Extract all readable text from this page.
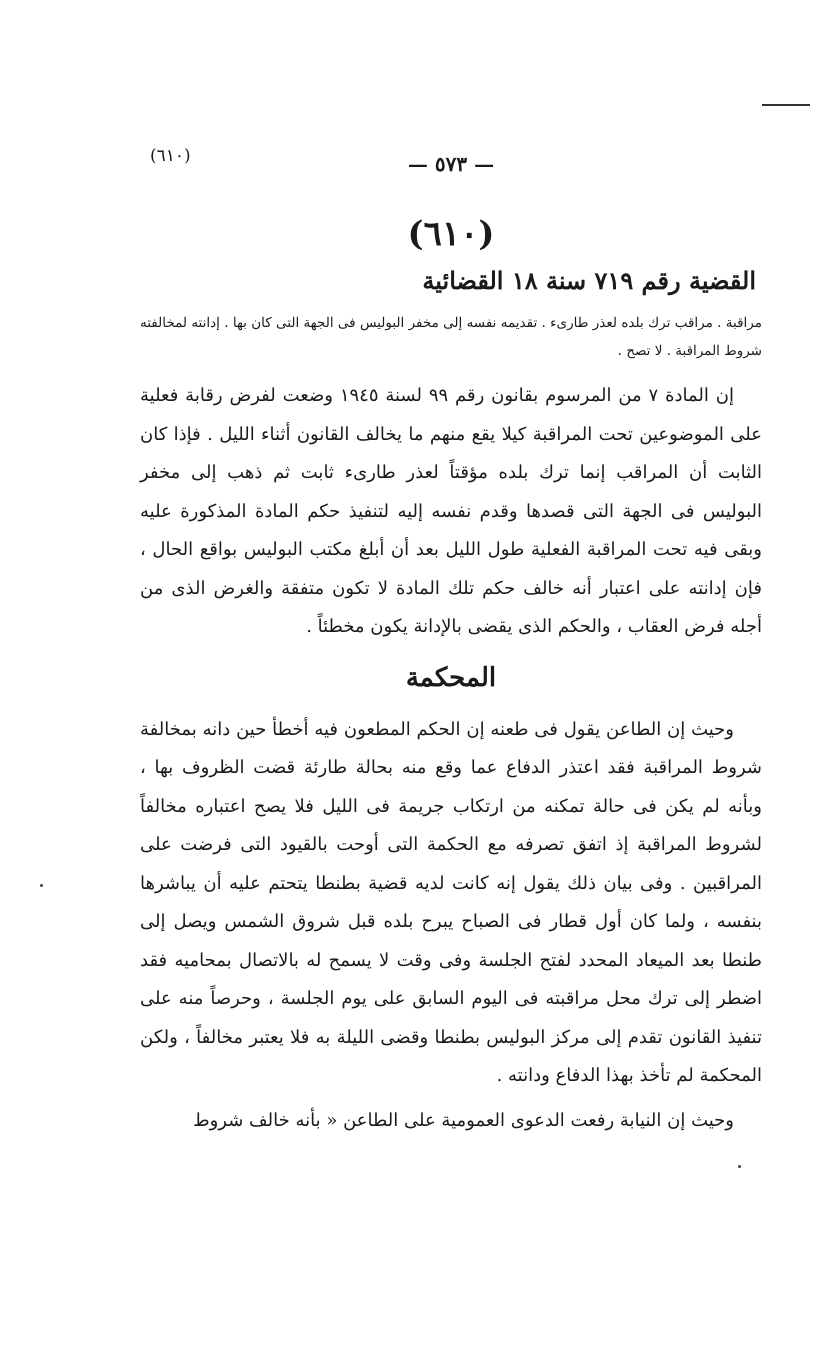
— ٥٧٣ —
(٦١٠)
(٦١٠)
القضية رقم ٧١٩ سنة ١٨ القضائية

مراقبة . مراقب ترك بلده لعذر طارىء . تقديمه نفسه إلى مخفر البوليس فى الجهة التى كان بها . إدانته لمخالفته شروط المراقبة . لا تصح .

إن المادة ٧ من المرسوم بقانون رقم ٩٩ لسنة ١٩٤٥ وضعت لفرض رقابة فعلية على الموضوعين تحت المراقبة كيلا يقع منهم ما يخالف القانون أثناء الليل . فإذا كان الثابت أن المراقب إنما ترك بلده مؤقتاً لعذر طارىء ثابت ثم ذهب إلى مخفر البوليس فى الجهة التى قصدها وقدم نفسه إليه لتنفيذ حكم المادة المذكورة عليه وبقى فيه تحت المراقبة الفعلية طول الليل بعد أن أبلغ مكتب البوليس بواقع الحال ، فإن إدانته على اعتبار أنه خالف حكم تلك المادة لا تكون متفقة والغرض الذى من أجله فرض العقاب ، والحكم الذى يقضى بالإدانة يكون مخطئاً .

المحكمة

وحيث إن الطاعن يقول فى طعنه إن الحكم المطعون فيه أخطأ حين دانه بمخالفة شروط المراقبة فقد اعتذر الدفاع عما وقع منه بحالة طارئة قضت الظروف بها ، وبأنه لم يكن فى حالة تمكنه من ارتكاب جريمة فى الليل فلا يصح اعتباره مخالفاً لشروط المراقبة إذ اتفق تصرفه مع الحكمة التى أوحت بالقيود التى فرضت على المراقبين . وفى بيان ذلك يقول إنه كانت لديه قضية بطنطا يتحتم عليه أن يباشرها بنفسه ، ولما كان أول قطار فى الصباح يبرح بلده قبل شروق الشمس ويصل إلى طنطا بعد الميعاد المحدد لفتح الجلسة وفى وقت لا يسمح له بالاتصال بمحاميه فقد اضطر إلى ترك محل مراقبته فى اليوم السابق على يوم الجلسة ، وحرصاً منه على تنفيذ القانون تقدم إلى مركز البوليس بطنطا وقضى الليلة به فلا يعتبر مخالفاً ، ولكن المحكمة لم تأخذ بهذا الدفاع ودانته .

وحيث إن النيابة رفعت الدعوى العمومية على الطاعن « بأنه خالف شروط
